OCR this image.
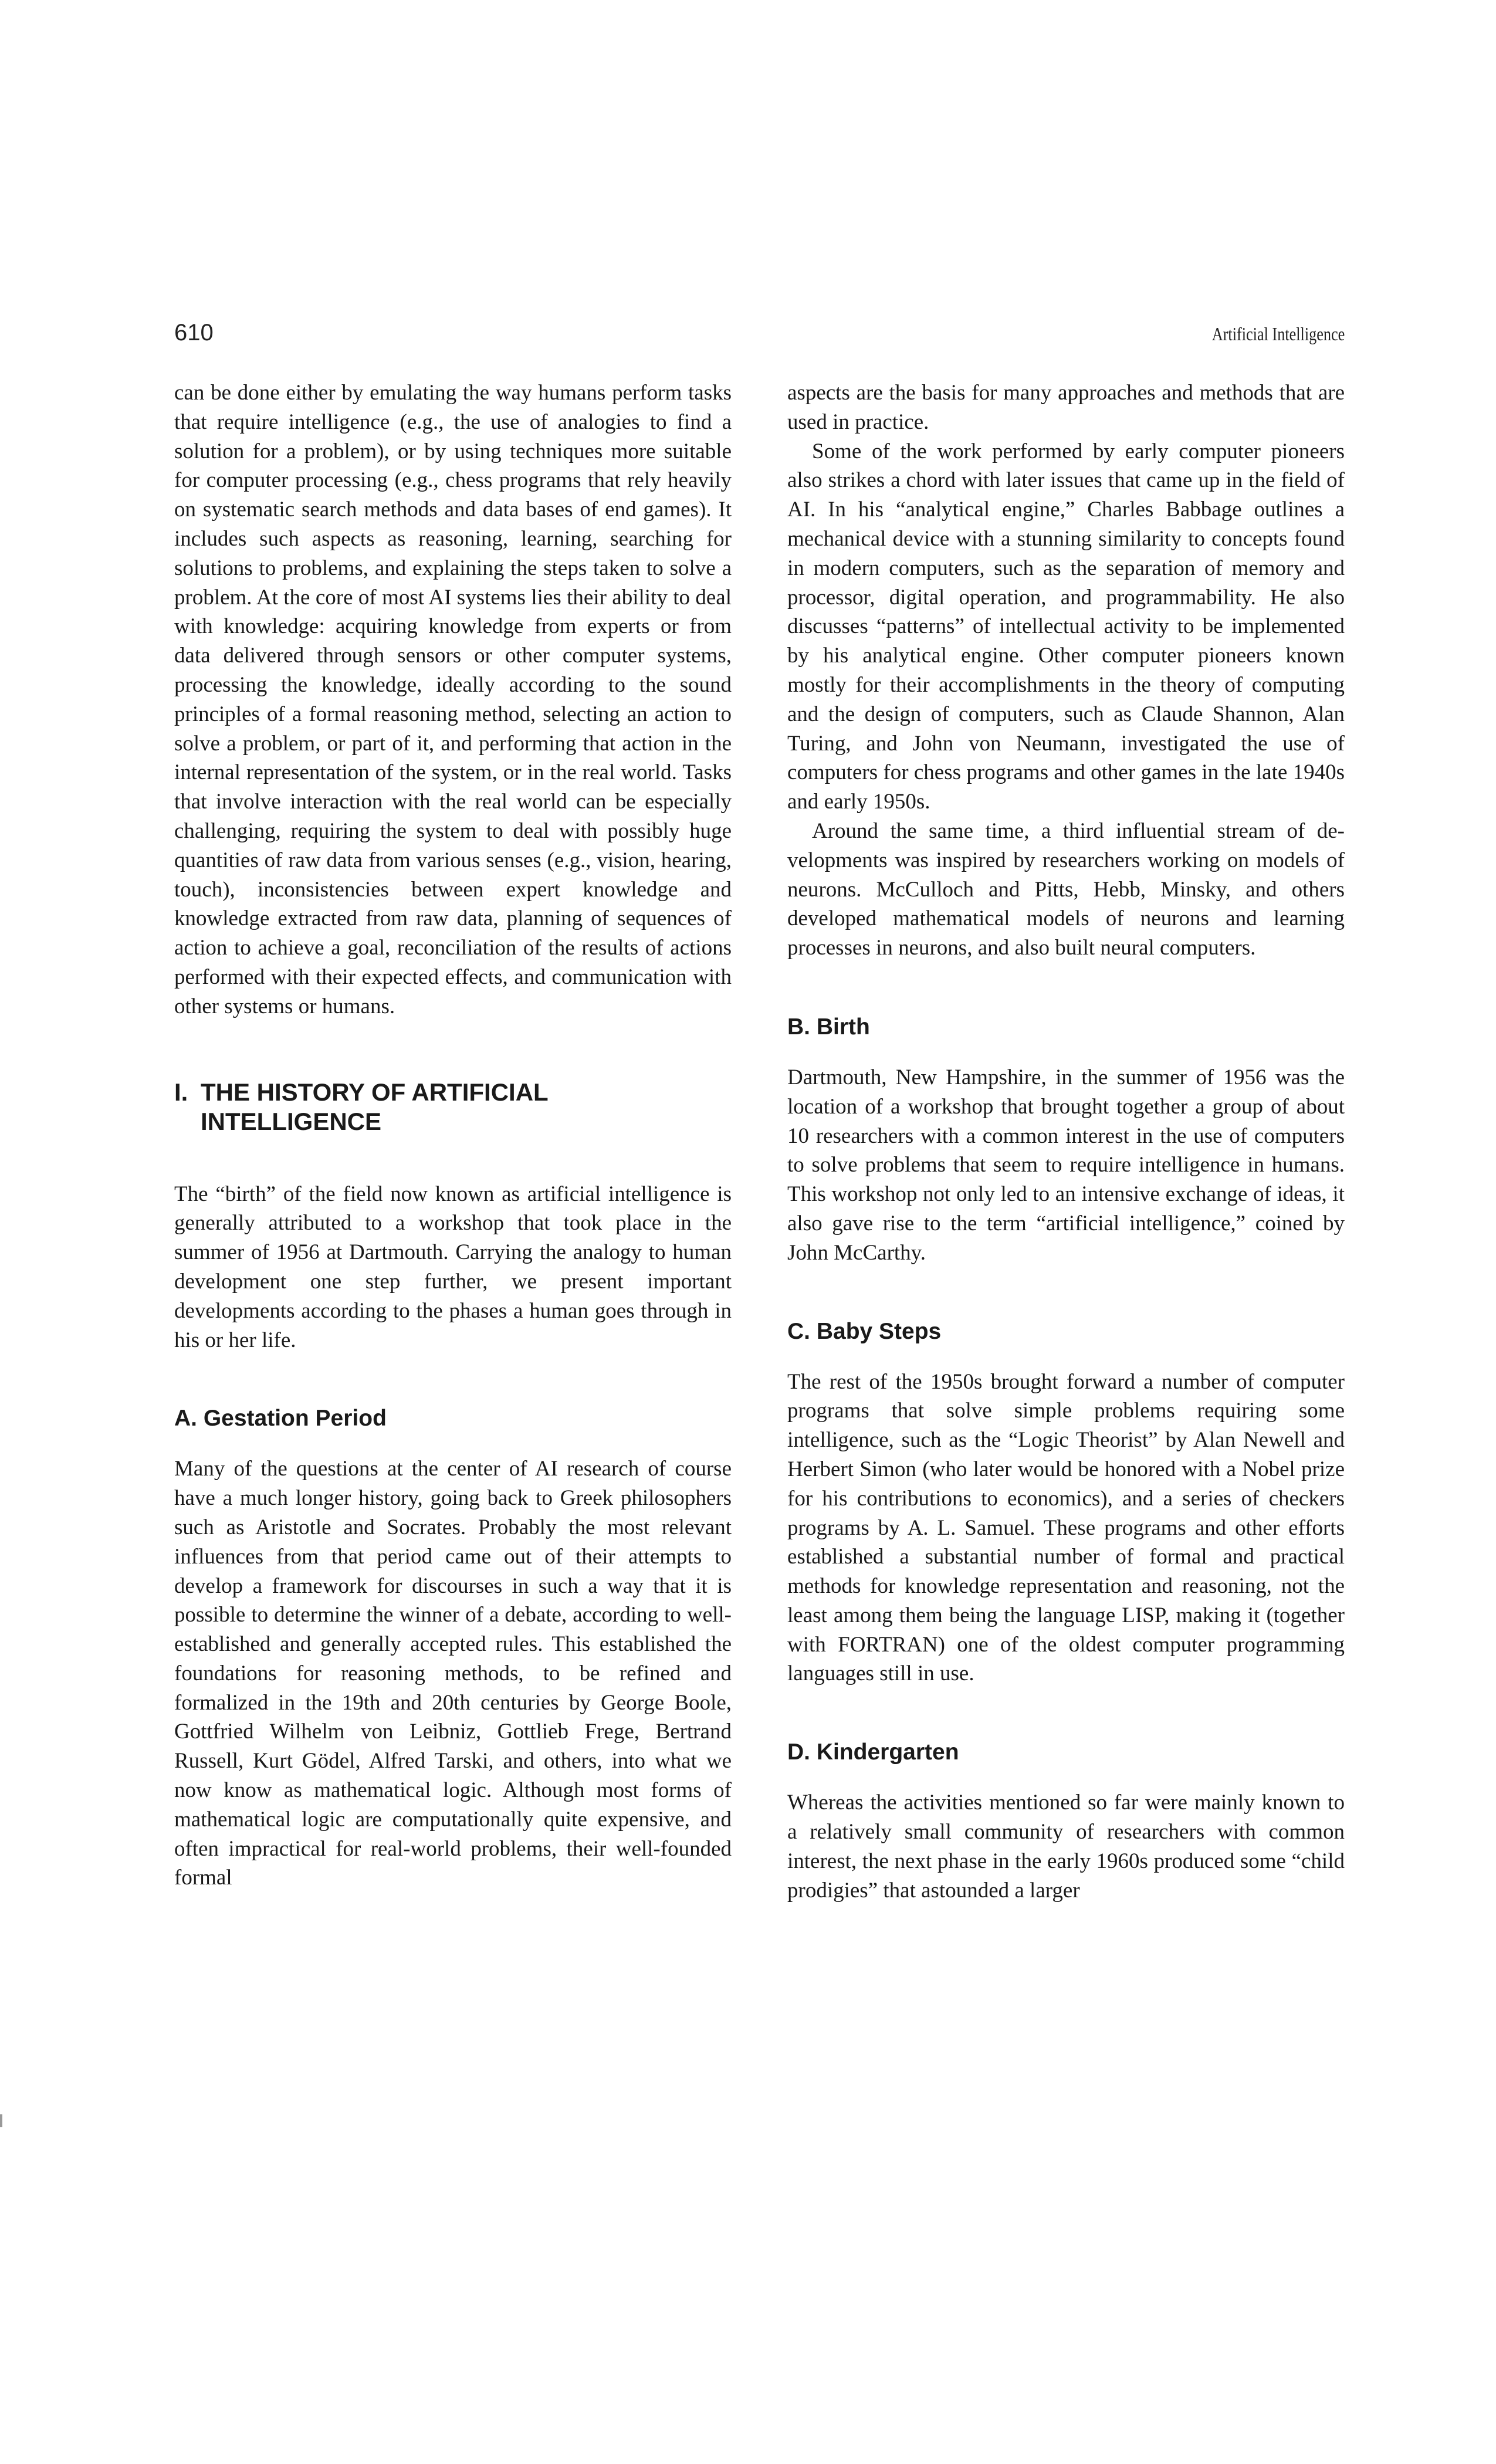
610	Artificial Intelligence

can be done either by emulating the way humans perform tasks that require intelligence (e.g., the use of analogies to find a solution for a problem), or by using techniques more suitable for computer processing (e.g., chess programs that rely heavily on systematic search methods and data bases of end games). It includes such aspects as reasoning, learning, searching for solutions to problems, and explaining the steps taken to solve a problem. At the core of most AI systems lies their ability to deal with knowledge: acquiring knowledge from experts or from data delivered through sensors or other computer systems, processing the knowledge, ideally according to the sound principles of a formal reasoning method, selecting an action to solve a problem, or part of it, and performing that action in the internal representation of the system, or in the real world. Tasks that involve interaction with the real world can be especially challenging, requiring the system to deal with possibly huge quantities of raw data from various senses (e.g., vision, hearing, touch), inconsistencies between expert knowledge and knowledge extracted from raw data, planning of sequences of action to achieve a goal, reconciliation of the results of actions performed with their expected effects, and communication with other systems or humans.

I. THE HISTORY OF ARTIFICIAL
INTELLIGENCE

The “birth” of the field now known as artificial intelligence is generally attributed to a workshop that took place in the summer of 1956 at Dartmouth. Carrying the analogy to human development one step further, we present important developments according to the phases a human goes through in his or her life.

A. Gestation Period

Many of the questions at the center of AI research of course have a much longer history, going back to Greek philosophers such as Aristotle and Socrates. Probably the most relevant influences from that period came out of their attempts to develop a framework for discourses in such a way that it is possible to determine the winner of a debate, according to well-established and generally accepted rules. This established the foundations for reasoning methods, to be refined and formalized in the 19th and 20th centuries by George Boole, Gottfried Wilhelm von Leibniz, Gottlieb Frege, Bertrand Russell, Kurt Gödel, Alfred Tarski, and others, into what we now know as mathematical logic. Although most forms of mathematical logic are computationally quite expensive, and often impractical for real-world problems, their well-founded formal

aspects are the basis for many approaches and methods that are used in practice.

Some of the work performed by early computer pioneers also strikes a chord with later issues that came up in the field of AI. In his “analytical engine,” Charles Babbage outlines a mechanical device with a stunning similarity to concepts found in modern computers, such as the separation of memory and processor, digital operation, and programmability. He also discusses “patterns” of intellectual activity to be implemented by his analytical engine. Other computer pioneers known mostly for their accomplishments in the theory of computing and the design of computers, such as Claude Shannon, Alan Turing, and John von Neumann, investigated the use of computers for chess programs and other games in the late 1940s and early 1950s.

Around the same time, a third influential stream of developments was inspired by researchers working on models of neurons. McCulloch and Pitts, Hebb, Minsky, and others developed mathematical models of neurons and learning processes in neurons, and also built neural computers.

B. Birth

Dartmouth, New Hampshire, in the summer of 1956 was the location of a workshop that brought together a group of about 10 researchers with a common interest in the use of computers to solve problems that seem to require intelligence in humans. This workshop not only led to an intensive exchange of ideas, it also gave rise to the term “artificial intelligence,” coined by John McCarthy.

C. Baby Steps

The rest of the 1950s brought forward a number of computer programs that solve simple problems requiring some intelligence, such as the “Logic Theorist” by Alan Newell and Herbert Simon (who later would be honored with a Nobel prize for his contributions to economics), and a series of checkers programs by A. L. Samuel. These programs and other efforts established a substantial number of formal and practical methods for knowledge representation and reasoning, not the least among them being the language LISP, making it (together with FORTRAN) one of the oldest computer programming languages still in use.

D. Kindergarten

Whereas the activities mentioned so far were mainly known to a relatively small community of researchers with common interest, the next phase in the early 1960s produced some “child prodigies” that astounded a larger
